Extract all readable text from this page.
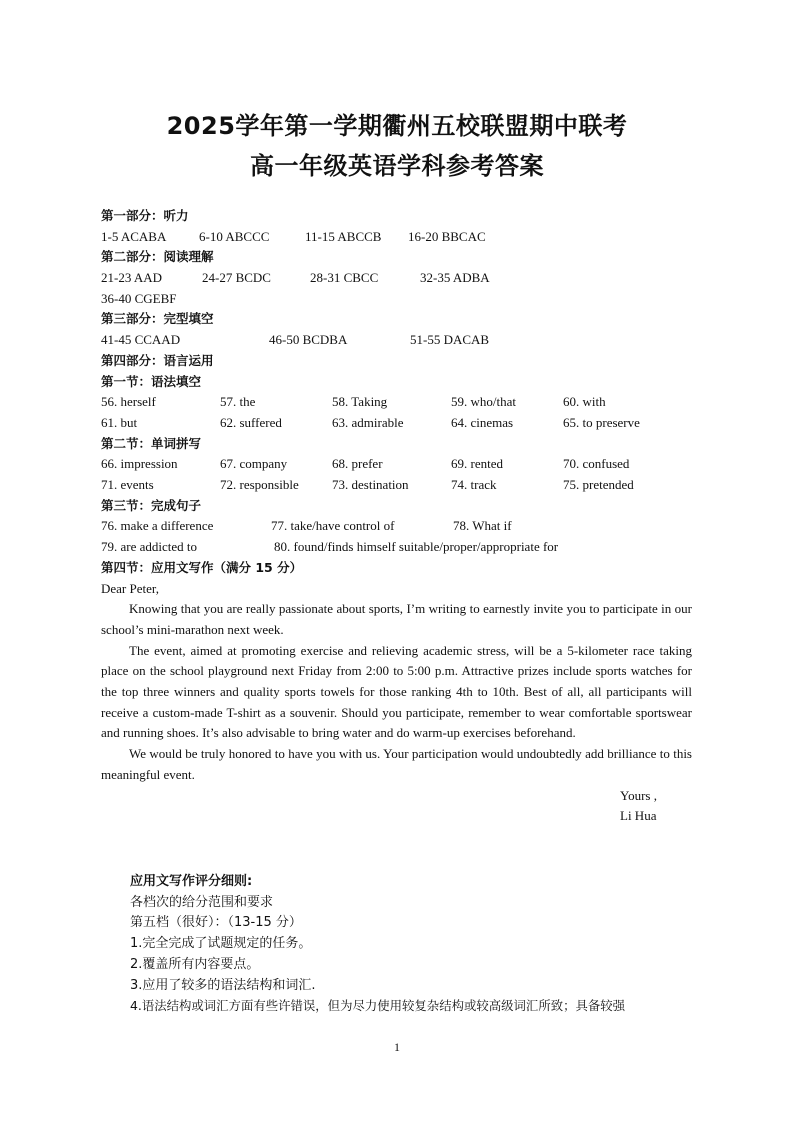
2025学年第一学期衢州五校联盟期中联考
高一年级英语学科参考答案
第一部分：听力
1-5 ACABA	6-10 ABCCC	11-15 ABCCB 16-20 BBCAC
第二部分：阅读理解
21-23 AAD	24-27 BCDC	28-31 CBCC	32-35 ADBA
36-40 CGEBF
第三部分：完型填空
41-45 CCAAD	46-50 BCDBA	51-55 DACAB
第四部分：语言运用
第一节：语法填空
56. herself	57. the	58. Taking	59. who/that	60. with
61. but	62. suffered	63. admirable	64. cinemas	65. to preserve
第二节：单词拼写
66. impression	67. company	68. prefer	69. rented	70. confused
71. events	72. responsible	73. destination	74. track	75. pretended
第三节：完成句子
76. make a difference	77. take/have control of	78. What if
79. are addicted to	80. found/finds himself suitable/proper/appropriate for
第四节：应用文写作（满分 15 分）
Dear Peter,

Knowing that you are really passionate about sports, I’m writing to earnestly invite you to participate in our school’s mini-marathon next week.

The event, aimed at promoting exercise and relieving academic stress, will be a 5-kilometer race taking place on the school playground next Friday from 2:00 to 5:00 p.m. Attractive prizes include sports watches for the top three winners and quality sports towels for those ranking 4th to 10th. Best of all, all participants will receive a custom-made T-shirt as a souvenir. Should you participate, remember to wear comfortable sportswear and running shoes. It’s also advisable to bring water and do warm-up exercises beforehand.

We would be truly honored to have you with us. Your participation would undoubtedly add brilliance to this meaningful event.

Yours ,
Li Hua
应用文写作评分细则:
各档次的给分范围和要求
第五档（很好）：（13-15 分）
1.完全完成了试题规定的任务。
2.覆盖所有内容要点。
3.应用了较多的语法结构和词汇.
4.语法结构或词汇方面有些许错误，但为尽力使用较复杂结构或较高级词汇所致；具备较强
1
